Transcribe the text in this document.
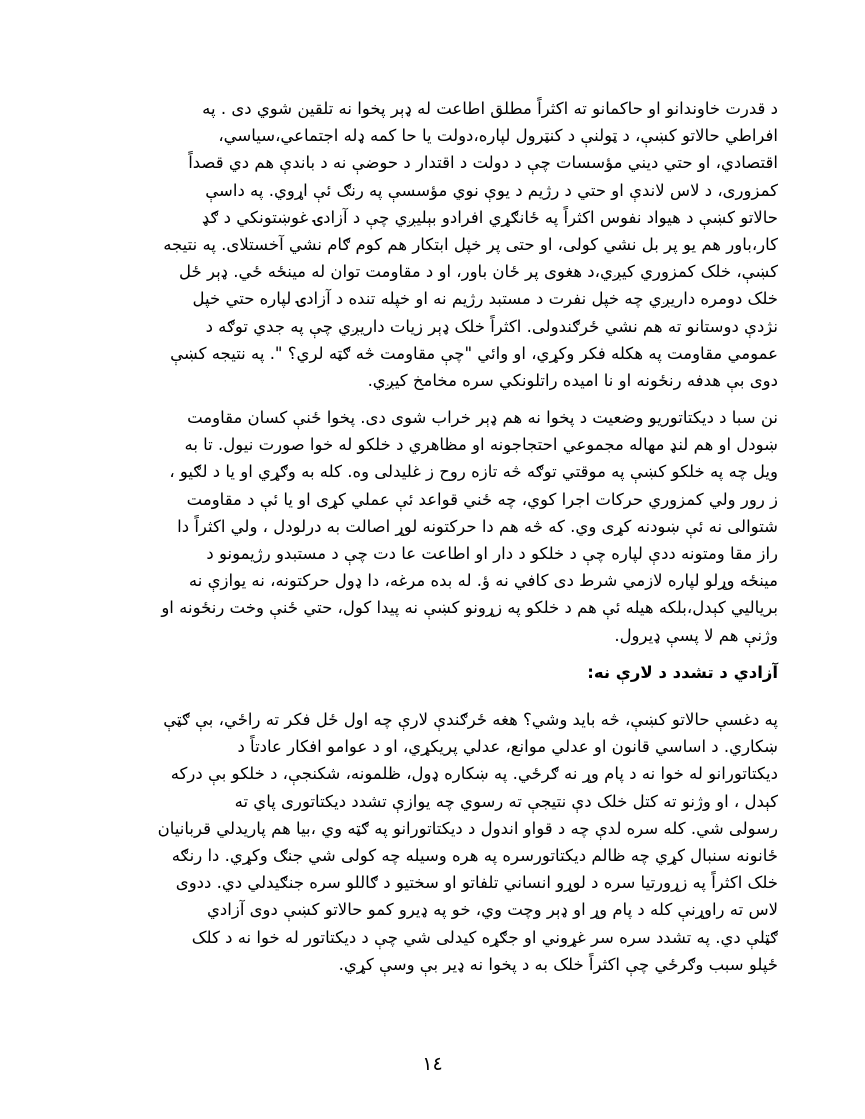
د قدرت خاوندانو او حاکمانو ته اکثراً مطلق اطاعت له ډېر پخوا نه تلقين شوي دی . په
افراطي حالاتو کښې، د ټولنې د کنټرول لپاره،دولت يا حا کمه ډله اجتماعي،سياسي،
اقتصادي، او حتي ديني مؤسسات چې د دولت د اقتدار د حوضې نه د باندې هم دي قصداً
کمزوری، د لاس لاندې او حتي د رژيم د يوې نوي مؤسسې په رنګ ئې اړوي. په داسې
حالاتو کښې د هيواد نفوس اکثراً په ځانګړي افرادو بېليږي چې د آزادۍ غوښتونکي د ګډ
کار،باور هم يو پر بل نشي کولی، او حتی پر خپل ابتکار هم کوم ګام نشي آخستلای. په نتيجه
کښې، خلک کمزوري کيږي،د هغوی پر ځان باور، او د مقاومت توان له مينځه ځي. ډېر ځل
خلک دومره داريږي چه خپل نفرت د مستبد رژيم نه او خپله تنده د آزادۍ لپاره حتي خپل
نژدې دوستانو ته هم نشي ځرګندولی. اکثراً خلک ډېر زيات داريږي چې په جدي توګه د
عمومي مقاومت په هکله فکر وکړي، او وائي "چې مقاومت څه ګټه لري؟ ". په نتيجه کښې
دوی بې هدفه رنځونه او نا اميده راتلونکي سره مخامخ کيږي.
نن سبا د ديکتاتوريو وضعيت د پخوا نه هم ډېر خراب شوی دی. پخوا ځنې کسان مقاومت
ښودل او هم لنډ مهاله مجموعي احتجاجونه او مظاهري د خلکو له خوا صورت نيول. تا به
ويل چه په خلکو کښې په موقتي توګه څه تازه روح ز غليدلی وه. کله به وګړي او يا د لګيو ،
ز رور ولي کمزوري حرکات اجرا کوي، چه ځني قواعد ئې عملي کړی او يا ئې د مقاومت
شتوالی نه ئې ښودنه کړی وي. که څه هم دا حرکتونه لوړ اصالت به درلودل ، ولي اکثراً دا
راز مقا ومتونه ددې لپاره چې د خلکو د دار او اطاعت عا دت چې د مستبدو رژيمونو د
مينځه وړلو لپاره لازمي شرط دی کافي نه ؤ. له بده مرغه، دا ډول حرکتونه، نه يوازې نه
برياليي کېدل،بلکه هيله ئې هم د خلکو په زړونو کښې نه پيدا کول، حتي ځنې وخت رنځونه او
وژنې هم لا پسې ډيرول.
آزادي د تشدد د لارې نه:
په دغسې حالاتو کښې، څه بايد وشي؟ هغه ځرګندې لارې چه اول ځل فکر ته راځي، بې ګټې
ښکاري. د اساسي قانون او عدلي موانع، عدلي پريکړي، او د عوامو افکار عادتاً د
ديکتاتورانو له خوا نه د پام وړ نه ګرځي. په ښکاره ډول، ظلمونه، شکنجې، د خلکو بې درکه
کېدل ، او وژنو ته کتل خلک دې نتيجې ته رسوي چه يوازې تشدد ديکتاتورى پاي ته
رسولى شي. کله سره لدې چه د قواو اندول د ديکتاتورانو په ګټه وي ،بيا هم پاريدلي قربانيان
ځانونه سنبال کړي چه ظالم ديکتاتورسره په هره وسيله چه کولی شي جنګ وکړي. دا رنګه
خلک اکثراً په زړورتيا سره د لوړو انساني تلفاتو او سختيو د ګاللو سره جنګيدلي دي. ددوی
لاس ته راوړنې کله د پام وړ او ډېر وچت وي، خو په ډيرو کمو حالاتو کښې دوی آزادي
ګټلې دي. په تشدد سره سر غړوني او جګړه کيدلی شي چې د ديکتاتور له خوا نه د کلک
ځپلو سبب وګرځي چې اکثراً خلک به د پخوا نه ډير بې وسې کړي.
١٤
